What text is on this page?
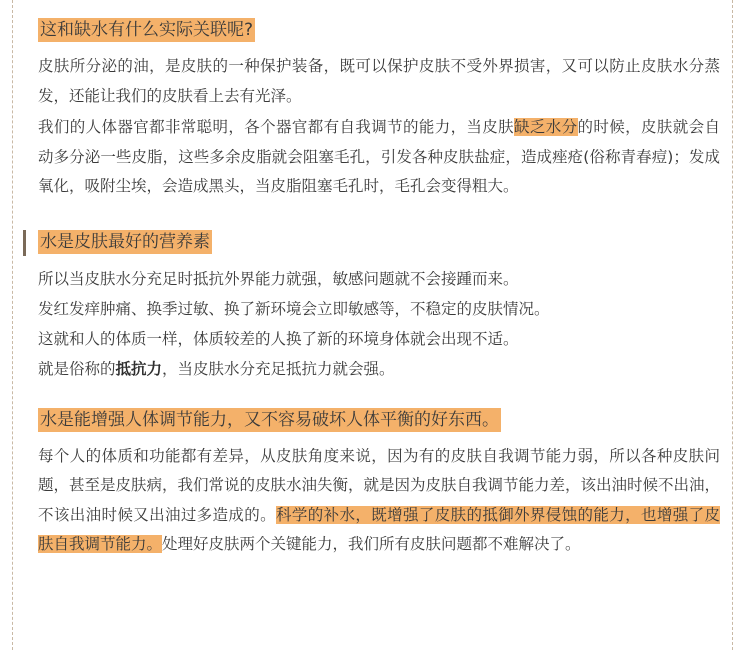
这和缺水有什么实际关联呢?

皮肤所分泌的油，是皮肤的一种保护装备，既可以保护皮肤不受外界损害，又可以防止皮肤水分蒸发，还能让我们的皮肤看上去有光泽。

我们的人体器官都非常聪明，各个器官都有自我调节的能力，当皮肤缺乏水分的时候，皮肤就会自动多分泌一些皮脂，这些多余皮脂就会阻塞毛孔，引发各种皮肤盐症，造成痤疮(俗称青春痘)；发成氧化，吸附尘埃，会造成黑头，当皮脂阻塞毛孔时，毛孔会变得粗大。

水是皮肤最好的营养素

所以当皮肤水分充足时抵抗外界能力就强，敏感问题就不会接踵而来。

发红发痒肿痛、换季过敏、换了新环境会立即敏感等，不稳定的皮肤情况。

这就和人的体质一样，体质较差的人换了新的环境身体就会出现不适。

就是俗称的抵抗力，当皮肤水分充足抵抗力就会强。

水是能增强人体调节能力，又不容易破坏人体平衡的好东西。

每个人的体质和功能都有差异，从皮肤角度来说，因为有的皮肤自我调节能力弱，所以各种皮肤问题，甚至是皮肤病，我们常说的皮肤水油失衡，就是因为皮肤自我调节能力差，该出油时候不出油，不该出油时候又出油过多造成的。科学的补水，既增强了皮肤的抵御外界侵蚀的能力，也增强了皮肤自我调节能力。处理好皮肤两个关键能力，我们所有皮肤问题都不难解决了。
